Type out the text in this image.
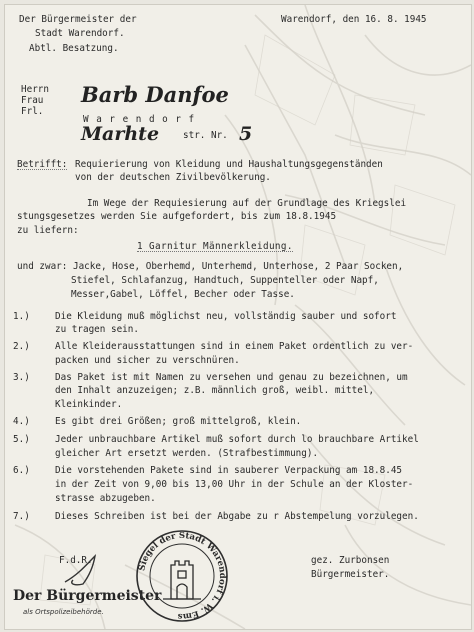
Der Bürgermeister der
Stadt Warendorf.
Abtl. Besatzung.
Warendorf, den 16. 8. 1945
Herrn
Frau
Frl.
Barb Danfoe
W a r e n d o r f
Marhte	str. Nr. 5
Betrifft: Requierierung von Kleidung und Haushaltungsgegenständen
von der deutschen Zivilbevölkerung.
Im Wege der Requiesierung auf der Grundlage des Kriegslei
stungsgesetzes werden Sie aufgefordert, bis zum 18.8.1945
zu liefern:
1 Garnitur Männerkleidung.
und zwar: Jacke, Hose, Oberhemd, Unterhemd, Unterhose, 2 Paar Socken,
Stiefel, Schlafanzug, Handtuch, Suppenteller oder Napf,
Messer,Gabel, Löffel, Becher oder Tasse.
1.)	Die Kleidung muß möglichst neu, vollständig sauber und sofort
zu tragen sein.
2.)	Alle Kleiderausstattungen sind in einem Paket ordentlich zu ver-
packen und sicher zu verschnüren.
3.)	Das Paket ist mit Namen zu versehen und genau zu bezeichnen, um
den Inhalt anzuzeigen; z.B. männlich groß, weibl. mittel,
Kleinkinder.
4.)	Es gibt drei Größen; groß mittelgroß, klein.
5.)	Jeder unbrauchbare Artikel muß sofort durch lo brauchbare Artikel
gleicher Art ersetzt werden. (Strafbestimmung).
6.)	Die vorstehenden Pakete sind in sauberer Verpackung am 18.8.45
in der Zeit von 9,00 bis 13,00 Uhr in der Schule an der Kloster-
strasse abzugeben.
7.)	Dieses Schreiben ist bei der Abgabe zu r Abstempelung vorzulegen.
F.d.R.	gez. Zurbonsen
Bürgermeister.
Der Bürgermeister
als Ortspolizeibehörde.
Siegel der Stadt Warendorf i. W. Ems
